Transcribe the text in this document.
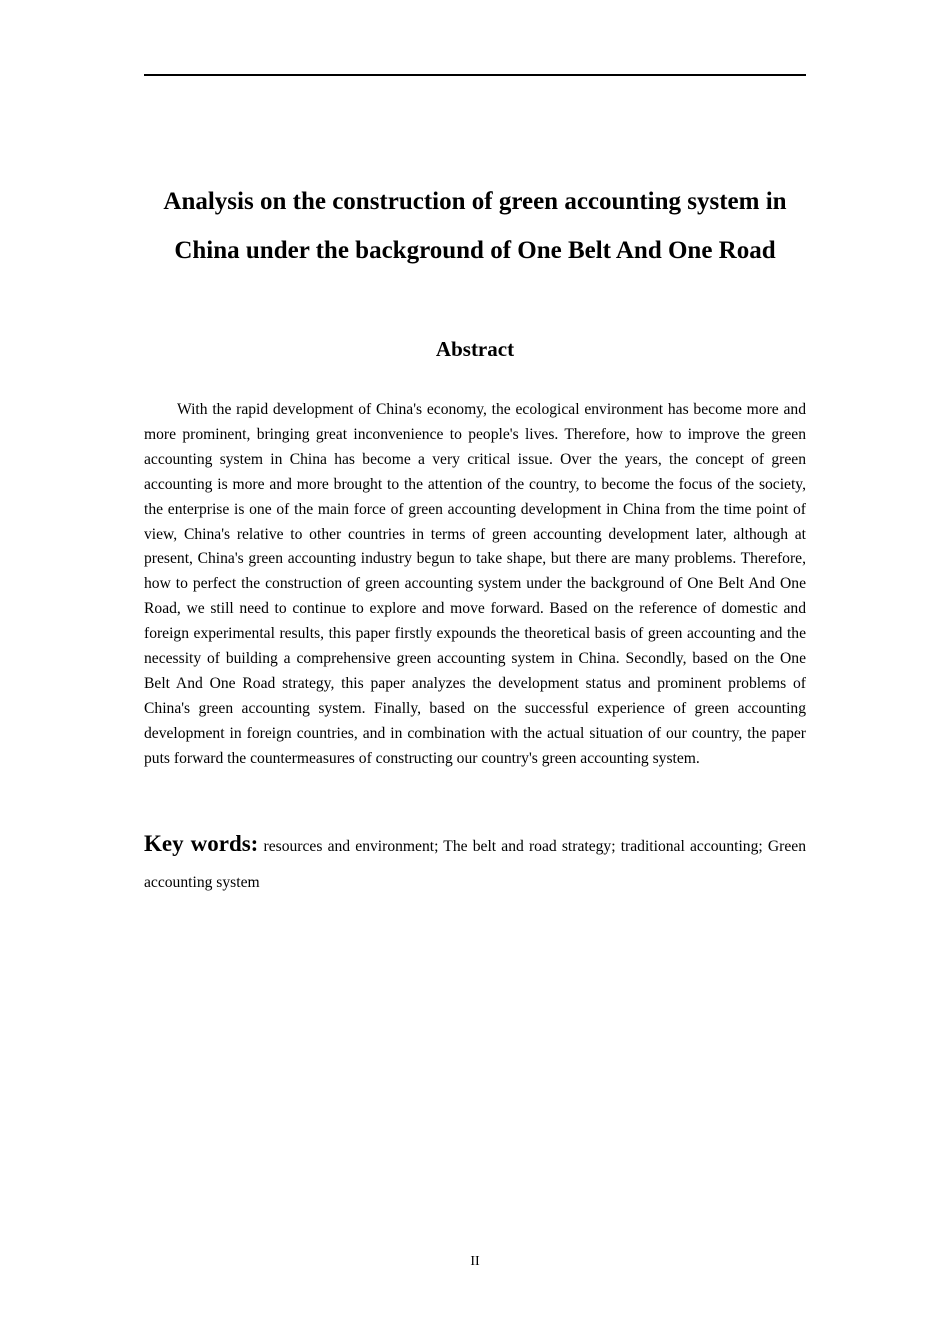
Analysis on the construction of green accounting system in China under the background of One Belt And One Road
Abstract

With the rapid development of China's economy, the ecological environment has become more and more prominent, bringing great inconvenience to people's lives. Therefore, how to improve the green accounting system in China has become a very critical issue. Over the years, the concept of green accounting is more and more brought to the attention of the country, to become the focus of the society, the enterprise is one of the main force of green accounting development in China from the time point of view, China's relative to other countries in terms of green accounting development later, although at present, China's green accounting industry begun to take shape, but there are many problems. Therefore, how to perfect the construction of green accounting system under the background of One Belt And One Road, we still need to continue to explore and move forward. Based on the reference of domestic and foreign experimental results, this paper firstly expounds the theoretical basis of green accounting and the necessity of building a comprehensive green accounting system in China. Secondly, based on the One Belt And One Road strategy, this paper analyzes the development status and prominent problems of China's green accounting system. Finally, based on the successful experience of green accounting development in foreign countries, and in combination with the actual situation of our country, the paper puts forward the countermeasures of constructing our country's green accounting system.

Key words: resources and environment; The belt and road strategy; traditional accounting; Green accounting system

II
